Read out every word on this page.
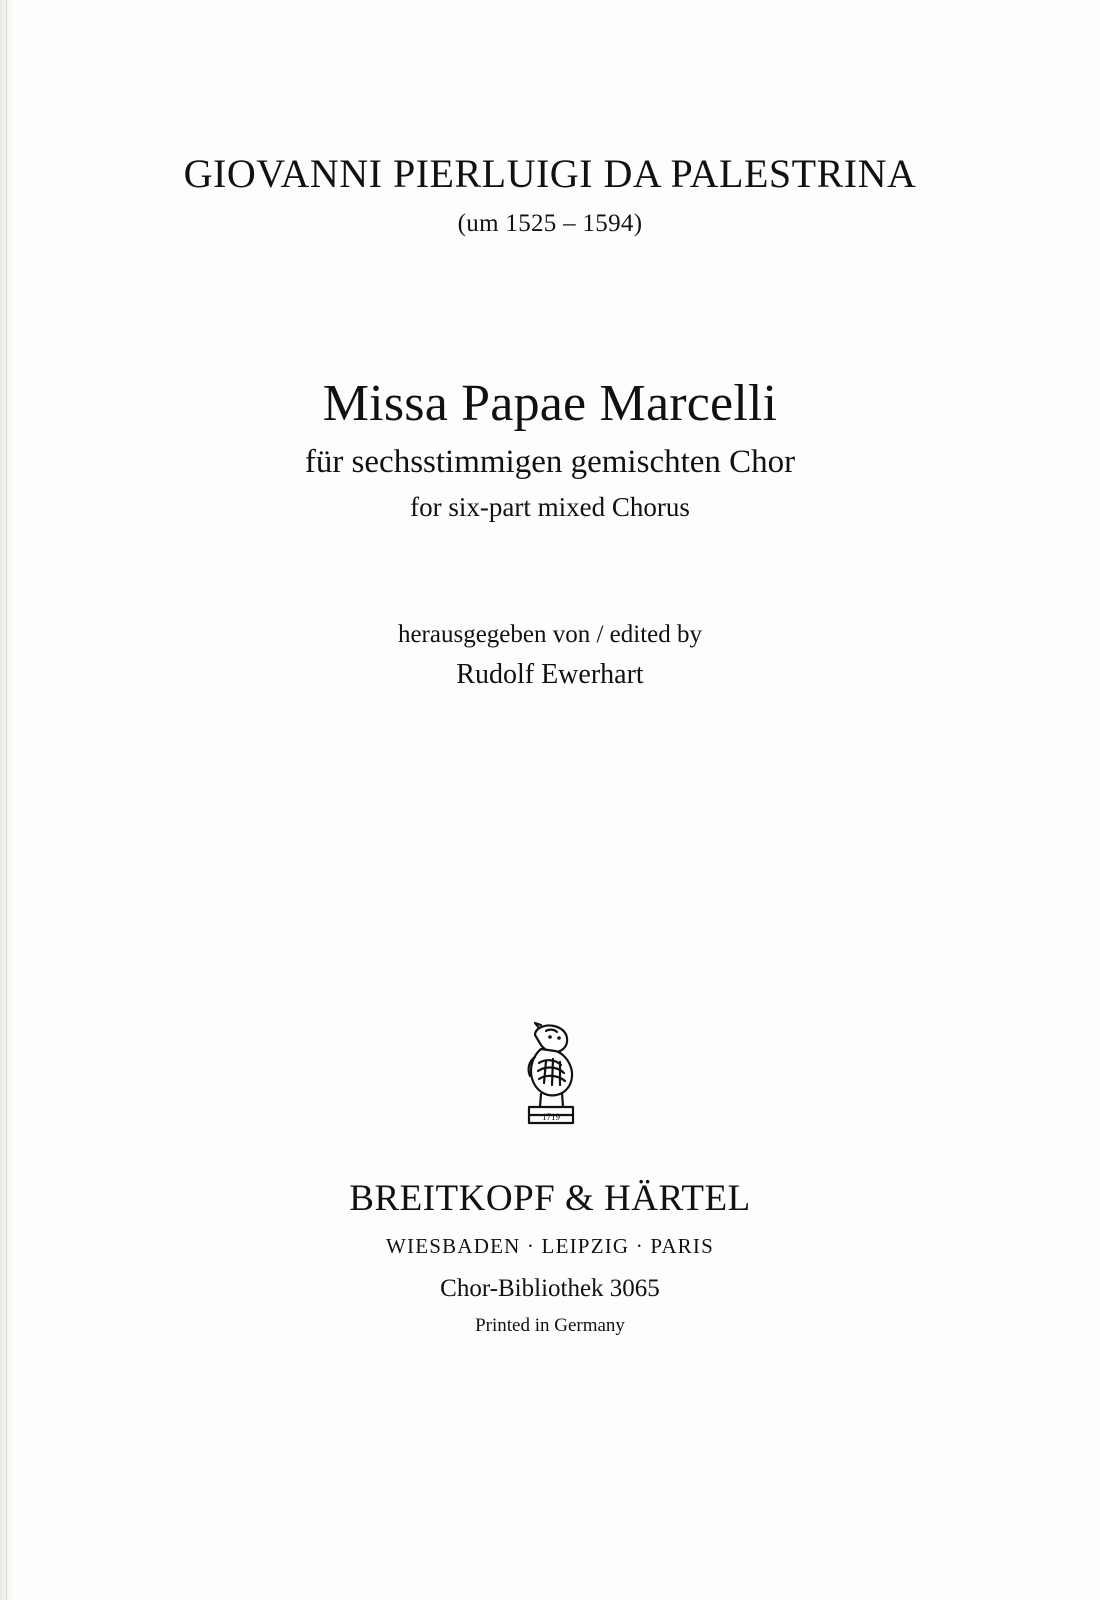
GIOVANNI PIERLUIGI DA PALESTRINA
(um 1525 – 1594)
Missa Papae Marcelli
für sechsstimmigen gemischten Chor
for six-part mixed Chorus
herausgegeben von / edited by
Rudolf Ewerhart
1719
BREITKOPF & HÄRTEL
WIESBADEN · LEIPZIG · PARIS
Chor-Bibliothek 3065
Printed in Germany
